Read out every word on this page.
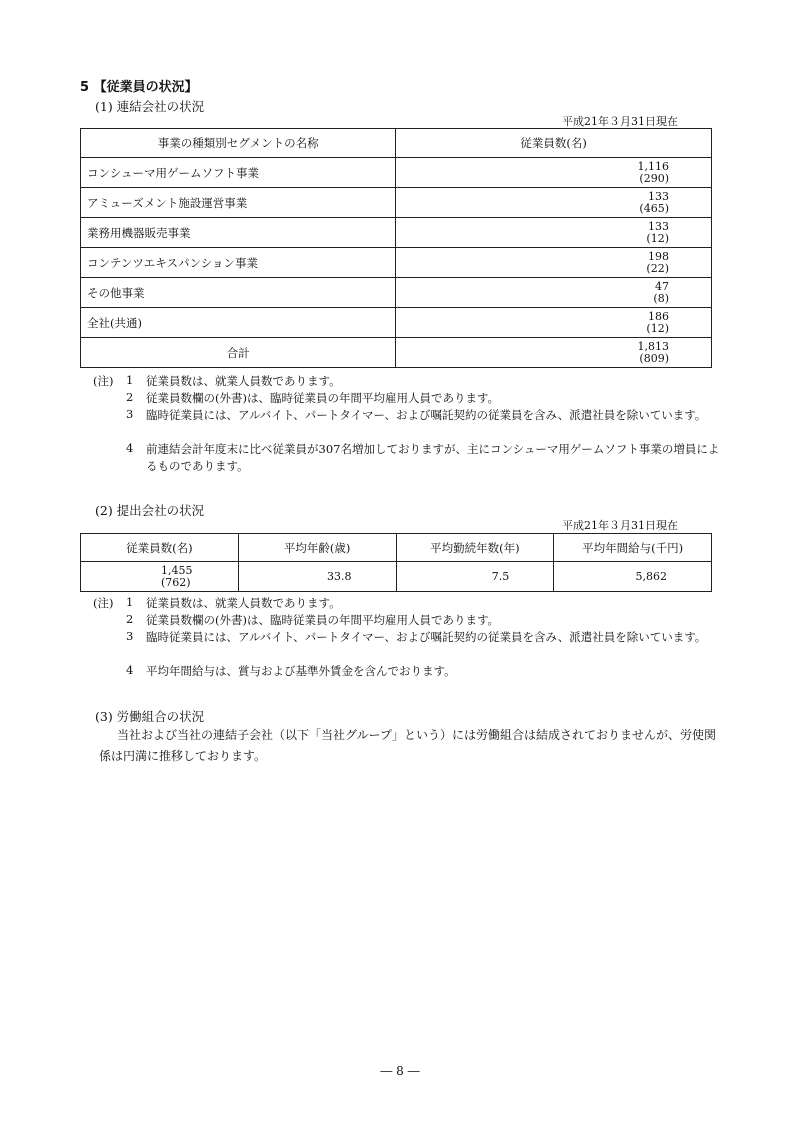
5 【従業員の状況】
(1) 連結会社の状況
平成21年３月31日現在
事業の種類別セグメントの名称	従業員数(名)
コンシューマ用ゲームソフト事業	1,116
(290)

アミューズメント施設運営事業	133
(465)

業務用機器販売事業	133
(12)

コンテンツエキスパンション事業	198
(22)

その他事業	47
(8)

全社(共通)	186
(12)

合計	1,813
(809)
(注) 1 従業員数は、就業人員数であります。
2 従業員数欄の(外書)は、臨時従業員の年間平均雇用人員であります。
3 臨時従業員には、アルバイト、パートタイマー、および嘱託契約の従業員を含み、派遣社員を除いています。
4 前連結会計年度末に比べ従業員が307名増加しておりますが、主にコンシューマ用ゲームソフト事業の増員によるものであります。
(2) 提出会社の状況
平成21年３月31日現在
従業員数(名)	平均年齢(歳)	平均勤続年数(年)	平均年間給与(千円)

1,455
(762)	33.8	7.5	5,862
(注) 1 従業員数は、就業人員数であります。
2 従業員数欄の(外書)は、臨時従業員の年間平均雇用人員であります。
3 臨時従業員には、アルバイト、パートタイマー、および嘱託契約の従業員を含み、派遣社員を除いています。
4 平均年間給与は、賞与および基準外賃金を含んでおります。
(3) 労働組合の状況
当社および当社の連結子会社（以下「当社グループ」という）には労働組合は結成されておりませんが、労使関係は円満に推移しております。
― 8 ―
